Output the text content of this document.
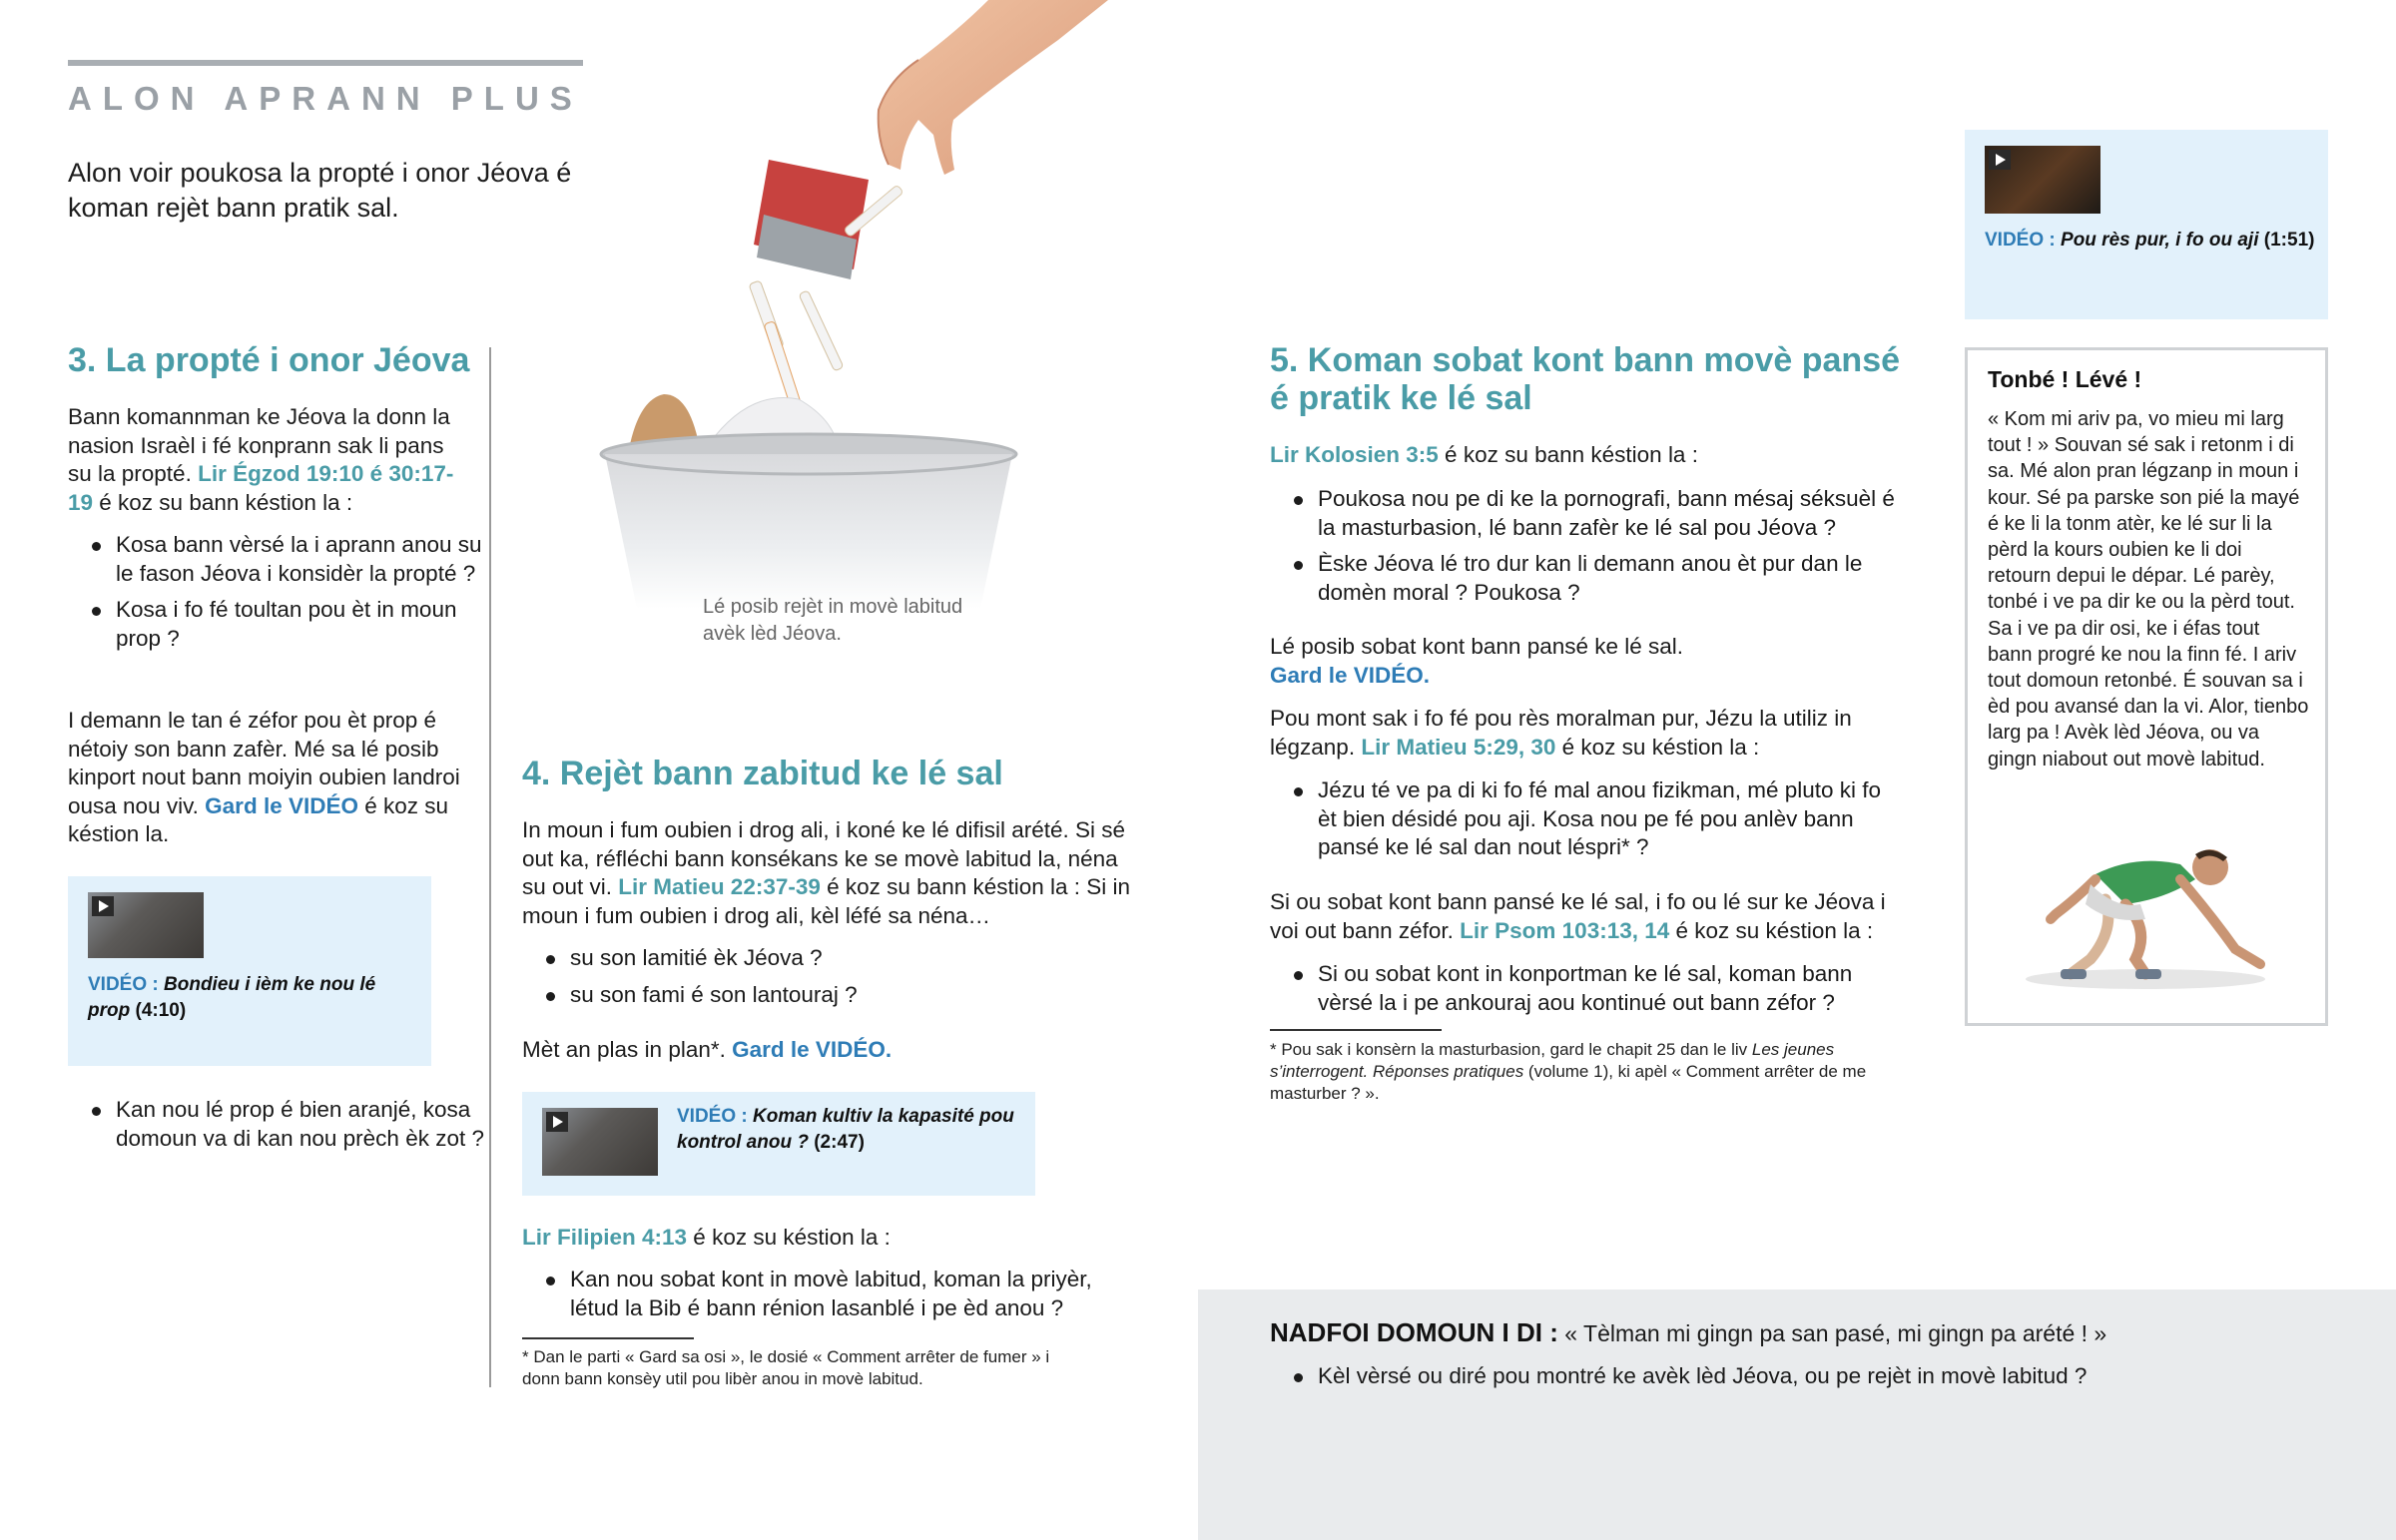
ALON APRANN PLUS
Alon voir poukosa la propté i onor Jéova é koman rejèt bann pratik sal.
Lé posib rejèt in movè labitud avèk lèd Jéova.
3. La propté i onor Jéova
Bann komannman ke Jéova la donn la nasion Israèl i fé konprann sak li pans su la propté. Lir Égzod 19:10 é 30:17-19 é koz su bann késtion la :
Kosa bann vèrsé la i aprann anou su le fason Jéova i konsidèr la propté ?
Kosa i fo fé toultan pou èt in moun prop ?
I demann le tan é zéfor pou èt prop é nétoiy son bann zafèr. Mé sa lé posib kinport nout bann moiyin oubien landroi ousa nou viv. Gard le VIDÉO é koz su késtion la.
VIDÉO : Bondieu i ièm ke nou lé prop (4:10)
Kan nou lé prop é bien aranjé, kosa domoun va di kan nou prèch èk zot ?
4. Rejèt bann zabitud ke lé sal
In moun i fum oubien i drog ali, i koné ke lé difisil arété. Si sé out ka, réfléchi bann konsékans ke se movè labitud la, néna su out vi. Lir Matieu 22:37-39 é koz su bann késtion la : Si in moun i fum oubien i drog ali, kèl léfé sa néna…
su son lamitié èk Jéova ?
su son fami é son lantouraj ?
Mèt an plas in plan*. Gard le VIDÉO.
VIDÉO : Koman kultiv la kapasité pou kontrol anou ? (2:47)
Lir Filipien 4:13 é koz su késtion la :
Kan nou sobat kont in movè labitud, koman la priyèr, létud la Bib é bann rénion lasanblé i pe èd anou ?
* Dan le parti « Gard sa osi », le dosié « Comment arrêter de fumer » i donn bann konsèy util pou libèr anou in movè labitud.
5. Koman sobat kont bann movè pansé é pratik ke lé sal
Lir Kolosien 3:5 é koz su bann késtion la :
Poukosa nou pe di ke la pornografi, bann mésaj séksuèl é la masturbasion, lé bann zafèr ke lé sal pou Jéova ?
Èske Jéova lé tro dur kan li demann anou èt pur dan le domèn moral ? Poukosa ?
Lé posib sobat kont bann pansé ke lé sal.
Gard le VIDÉO.
Pou mont sak i fo fé pou rès moralman pur, Jézu la utiliz in légzanp. Lir Matieu 5:29, 30 é koz su késtion la :
Jézu té ve pa di ki fo fé mal anou fizikman, mé pluto ki fo èt bien désidé pou aji. Kosa nou pe fé pou anlèv bann pansé ke lé sal dan nout léspri* ?
Si ou sobat kont bann pansé ke lé sal, i fo ou lé sur ke Jéova i voi out bann zéfor. Lir Psom 103:13, 14 é koz su késtion la :
Si ou sobat kont in konportman ke lé sal, koman bann vèrsé la i pe ankouraj aou kontinué out bann zéfor ?
* Pou sak i konsèrn la masturbasion, gard le chapit 25 dan le liv Les jeunes s’interrogent. Réponses pratiques (volume 1), ki apèl « Comment arrêter de me masturber ? ».
VIDÉO : Pou rès pur, i fo ou aji (1:51)
Tonbé ! Lévé !
« Kom mi ariv pa, vo mieu mi larg tout ! » Souvan sé sak i retonm i di sa. Mé alon pran légzanp in moun i kour. Sé pa parske son pié la mayé é ke li la tonm atèr, ke lé sur li la pèrd la kours oubien ke li doi retourn depui le dépar. Lé parèy, tonbé i ve pa dir ke ou la pèrd tout. Sa i ve pa dir osi, ke i éfas tout bann progré ke nou la finn fé. I ariv tout domoun retonbé. É souvan sa i èd pou avansé dan la vi. Alor, tienbo larg pa ! Avèk lèd Jéova, ou va gingn niabout out movè labitud.
NADFOI DOMOUN I DI : « Tèlman mi gingn pa san pasé, mi gingn pa arété ! »
Kèl vèrsé ou diré pou montré ke avèk lèd Jéova, ou pe rejèt in movè labitud ?
